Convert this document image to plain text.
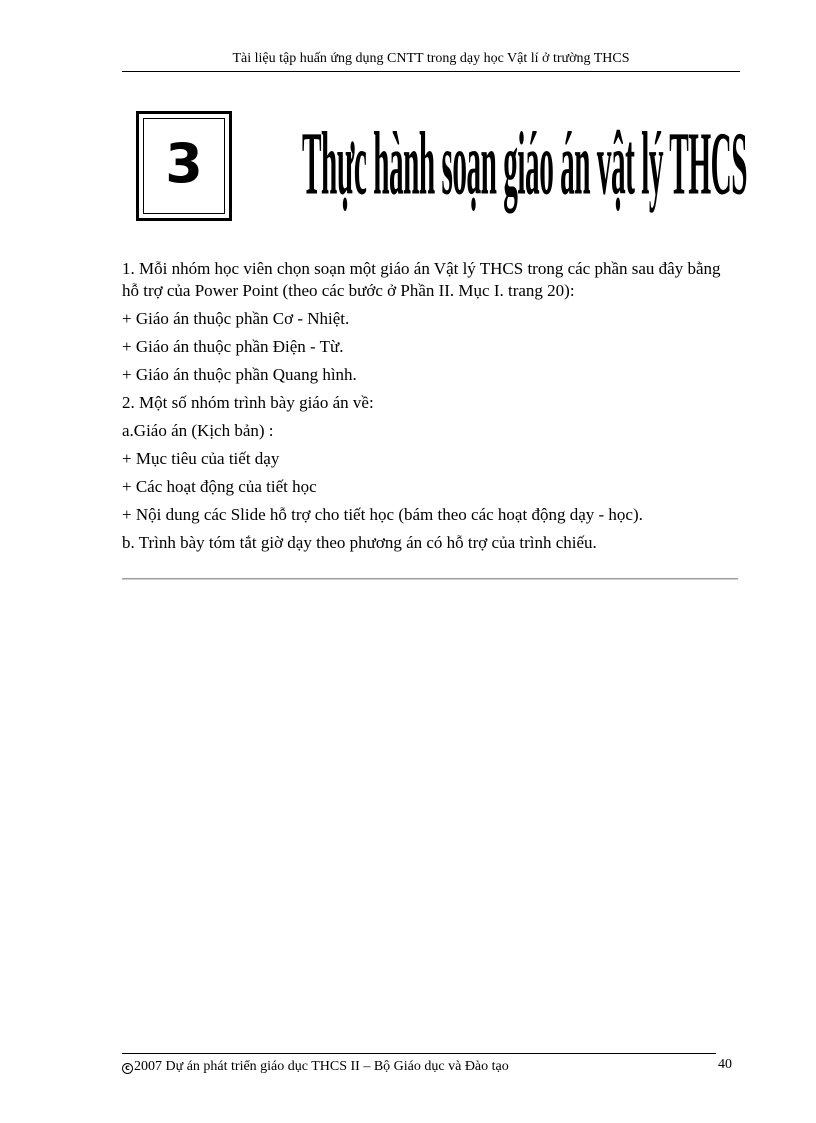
Tài liệu tập huấn ứng dụng CNTT trong dạy học Vật lí ở trường THCS
3 Thực hành soạn giáo án vật lý THCS

1. Mỗi nhóm học viên chọn soạn một giáo án Vật lý THCS trong các phần sau đây bằng hỗ trợ của Power Point (theo các bước ở Phần II. Mục I. trang 20):

+ Giáo án thuộc phần Cơ - Nhiệt.

+ Giáo án thuộc phần Điện - Từ.

+ Giáo án thuộc phần Quang hình.

2. Một số nhóm trình bày giáo án về:

a.Giáo án (Kịch bản) :

+ Mục tiêu của tiết dạy

+ Các hoạt động của tiết học

+ Nội dung các Slide hỗ trợ cho tiết học (bám theo các hoạt động dạy - học).

b. Trình bày tóm tắt giờ dạy theo phương án có hỗ trợ của trình chiếu.

c 2007 Dự án phát triển giáo dục THCS II – Bộ Giáo dục và Đào tạo	40
